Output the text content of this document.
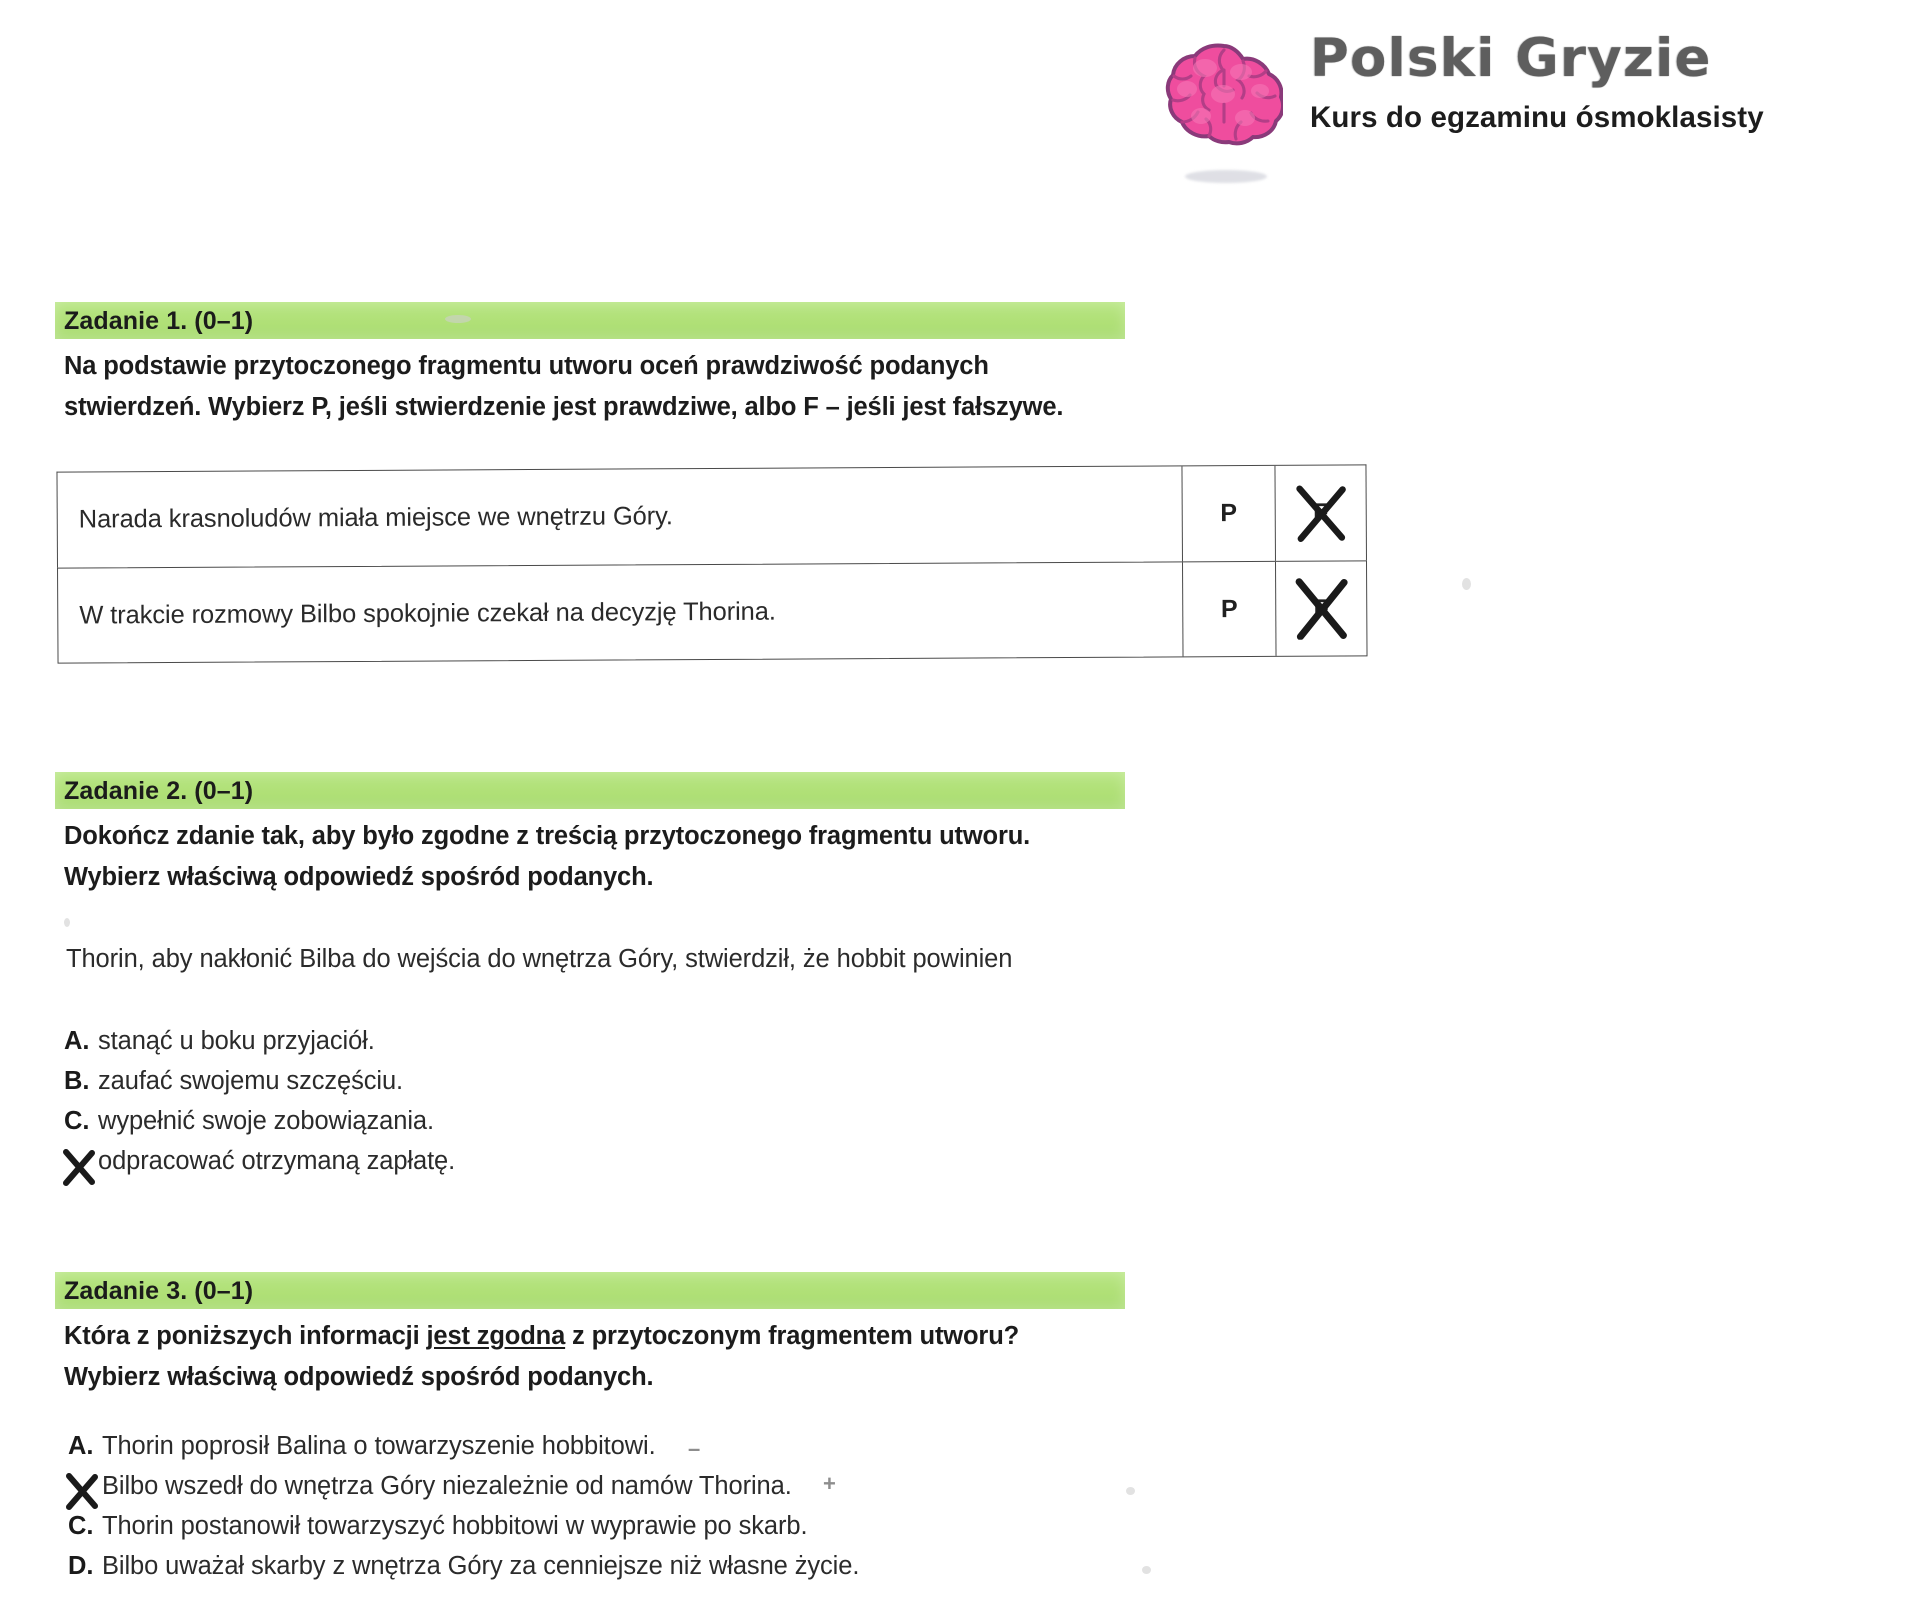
Polski Gryzie
Kurs do egzaminu ósmoklasisty
Zadanie 1. (0–1)
Na podstawie przytoczonego fragmentu utworu oceń prawdziwość podanych
stwierdzeń. Wybierz P, jeśli stwierdzenie jest prawdziwe, albo F – jeśli jest fałszywe.
Narada krasnoludów miała miejsce we wnętrzu Góry.	P	F
W trakcie rozmowy Bilbo spokojnie czekał na decyzję Thorina.	P	F
Zadanie 2. (0–1)
Dokończ zdanie tak, aby było zgodne z treścią przytoczonego fragmentu utworu.
Wybierz właściwą odpowiedź spośród podanych.
Thorin, aby nakłonić Bilba do wejścia do wnętrza Góry, stwierdził, że hobbit powinien
A. stanąć u boku przyjaciół.
B. zaufać swojemu szczęściu.
C. wypełnić swoje zobowiązania.
odpracować otrzymaną zapłatę.
Zadanie 3. (0–1)
Która z poniższych informacji jest zgodna z przytoczonym fragmentem utworu?
Wybierz właściwą odpowiedź spośród podanych.
A. Thorin poprosił Balina o towarzyszenie hobbitowi. –
Bilbo wszedł do wnętrza Góry niezależnie od namów Thorina. +
C. Thorin postanowił towarzyszyć hobbitowi w wyprawie po skarb.
D. Bilbo uważał skarby z wnętrza Góry za cenniejsze niż własne życie.
